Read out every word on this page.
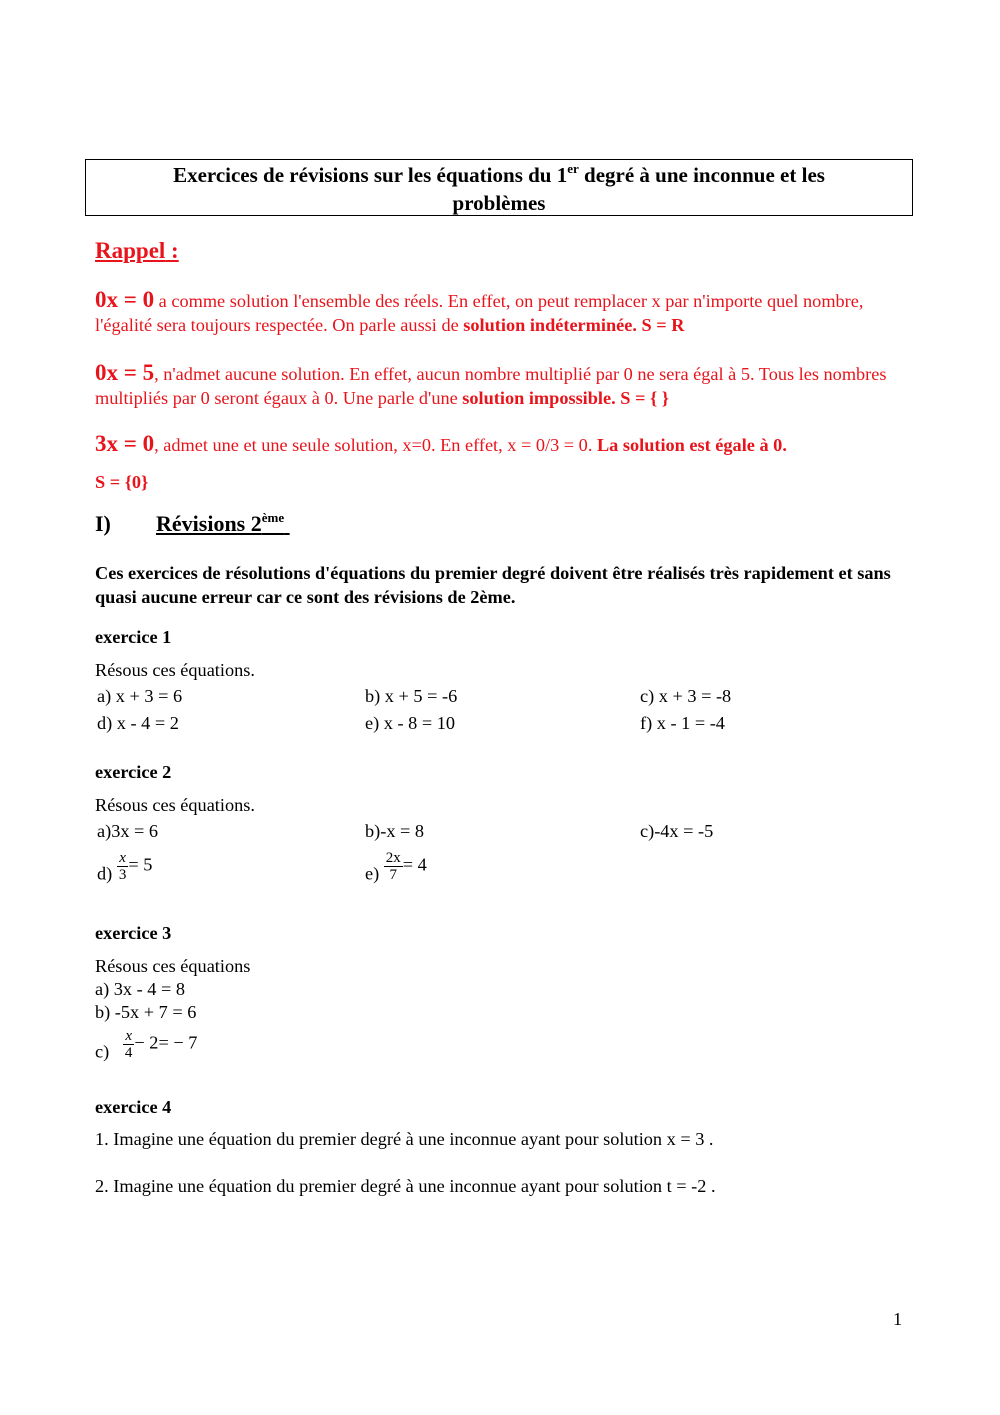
Exercices de révisions sur les équations du 1er degré à une inconnue et les
problèmes
Rappel :
0x = 0 a comme solution l'ensemble des réels. En effet, on peut remplacer x par n'importe quel nombre, l'égalité sera toujours respectée. On parle aussi de solution indéterminée. S = R
0x = 5, n'admet aucune solution. En effet, aucun nombre multiplié par 0 ne sera égal à 5. Tous les nombres multipliés par 0 seront égaux à 0. Une parle d'une solution impossible. S = { }
3x = 0, admet une et une seule solution, x=0. En effet, x = 0/3 = 0. La solution est égale à 0.
S = {0}
I) Révisions 2ème
Ces exercices de résolutions d'équations du premier degré doivent être réalisés très rapidement et sans quasi aucune erreur car ce sont des révisions de 2ème.
exercice 1
Résous ces équations.
a) x + 3 = 6	b) x + 5 = -6	c) x + 3 = -8
d) x - 4 = 2	e) x - 8 = 10	f) x - 1 = -4
exercice 2
Résous ces équations.
a)3x = 6	b)-x = 8	c)-4x = -5
$d) \frac{x}{3} = 5$	$e) \frac{2x}{7} = 4$
exercice 3
Résous ces équations
a) 3x - 4 = 8
b) -5x + 7 = 6
$c) \frac{x}{4} - 2= - 7$
exercice 4
1. Imagine une équation du premier degré à une inconnue ayant pour solution x = 3 .
2. Imagine une équation du premier degré à une inconnue ayant pour solution t = -2 .
1
